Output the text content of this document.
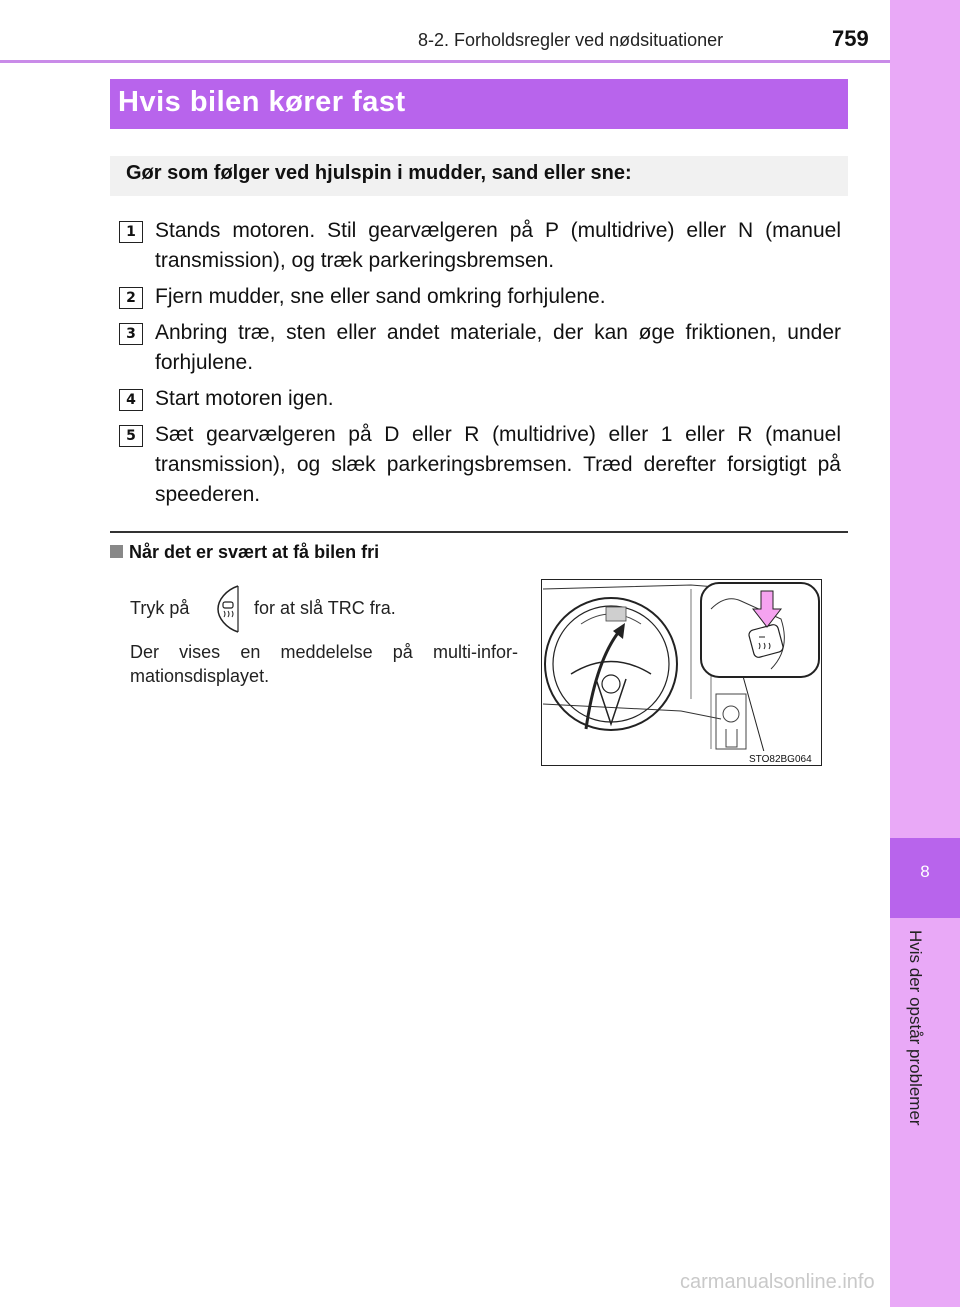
8
Hvis der opstår problemer
8-2. Forholdsregler ved nødsituationer	759
Hvis bilen kører fast
Gør som følger ved hjulspin i mudder, sand eller sne:
1 Stands motoren. Stil gearvælgeren på P (multidrive) eller N (manuel transmission), og træk parkeringsbremsen.
2 Fjern mudder, sne eller sand omkring forhjulene.
3 Anbring træ, sten eller andet materiale, der kan øge friktionen, under forhjulene.
4 Start motoren igen.
5 Sæt gearvælgeren på D eller R (multidrive) eller 1 eller R (manuel transmission), og slæk parkeringsbremsen. Træd derefter forsigtigt på speederen.
Når det er svært at få bilen fri
Tryk på	for at slå TRC fra.
Der vises en meddelelse på multi-infor-mationsdisplayet.
STO82BG064
carmanualsonline.info
